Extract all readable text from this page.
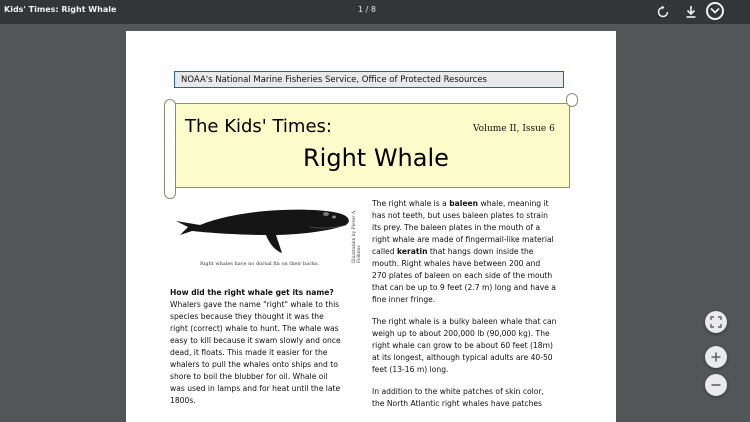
Kids' Times: Right Whale	1 / 8
NOAA's National Marine Fisheries Service, Office of Protected Resources
The Kids' Times:	Volume II, Issue 6
Right Whale
Right whales have no dorsal fin on their backs.
Illustration by Pieter A. Folkens
How did the right whale get its name?
Whalers gave the name "right" whale to this
species because they thought it was the
right (correct) whale to hunt. The whale was
easy to kill because it swam slowly and once
dead, it floats. This made it easier for the
whalers to pull the whales onto ships and to
shore to boil the blubber for oil. Whale oil
was used in lamps and for heat until the late
1800s.

The right whale is a baleen whale, meaning it
has not teeth, but uses baleen plates to strain
its prey. The baleen plates in the mouth of a
right whale are made of fingermail-like material
called keratin that hangs down inside the
mouth. Right whales have between 200 and
270 plates of baleen on each side of the mouth
that can be up to 9 feet (2.7 m) long and have a
fine inner fringe.

The right whale is a bulky baleen whale that can
weigh up to about 200,000 lb (90,000 kg). The
right whale can grow to be about 60 feet (18m)
at its longest, although typical adults are 40-50
feet (13-16 m) long.

In addition to the white patches of skin color,
the North Atlantic right whales have patches
